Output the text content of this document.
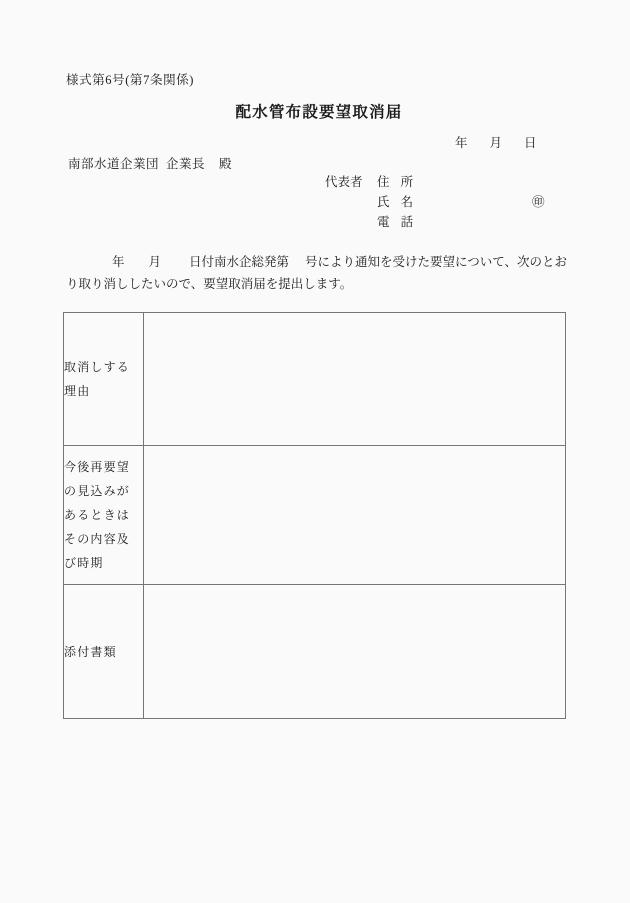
様式第6号(第7条関係)
配水管布設要望取消届
年 月 日
南部水道企業団 企業長 殿
代表者 住 所
氏 名	㊞
電 話
年 月 日付南水企総発第 号により通知を受けた要望について、次のとおり取り消ししたいので、要望取消届を提出します。
取消しする
理由	

今後再要望
の見込みが
あるときは
その内容及
び時期	

添付書類	
